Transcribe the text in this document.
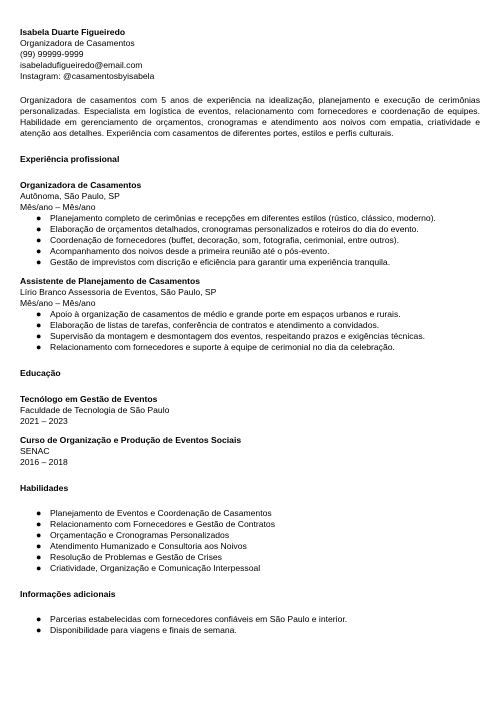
Isabela Duarte Figueiredo
Organizadora de Casamentos
(99) 99999-9999
isabeladufigueiredo@email.com
Instagram: @casamentosbyisabela
Organizadora de casamentos com 5 anos de experiência na idealização, planejamento e execução de cerimônias personalizadas. Especialista em logística de eventos, relacionamento com fornecedores e coordenação de equipes. Habilidade em gerenciamento de orçamentos, cronogramas e atendimento aos noivos com empatia, criatividade e atenção aos detalhes. Experiência com casamentos de diferentes portes, estilos e perfis culturais.
Experiência profissional
Organizadora de Casamentos
Autônoma, São Paulo, SP
Mês/ano – Mês/ano
● Planejamento completo de cerimônias e recepções em diferentes estilos (rústico, clássico, moderno).
● Elaboração de orçamentos detalhados, cronogramas personalizados e roteiros do dia do evento.
● Coordenação de fornecedores (buffet, decoração, som, fotografia, cerimonial, entre outros).
● Acompanhamento dos noivos desde a primeira reunião até o pós-evento.
● Gestão de imprevistos com discrição e eficiência para garantir uma experiência tranquila.
Assistente de Planejamento de Casamentos
Lírio Branco Assessoria de Eventos, São Paulo, SP
Mês/ano – Mês/ano
● Apoio à organização de casamentos de médio e grande porte em espaços urbanos e rurais.
● Elaboração de listas de tarefas, conferência de contratos e atendimento a convidados.
● Supervisão da montagem e desmontagem dos eventos, respeitando prazos e exigências técnicas.
● Relacionamento com fornecedores e suporte à equipe de cerimonial no dia da celebração.
Educação
Tecnólogo em Gestão de Eventos
Faculdade de Tecnologia de São Paulo
2021 – 2023
Curso de Organização e Produção de Eventos Sociais
SENAC
2016 – 2018
Habilidades
● Planejamento de Eventos e Coordenação de Casamentos
● Relacionamento com Fornecedores e Gestão de Contratos
● Orçamentação e Cronogramas Personalizados
● Atendimento Humanizado e Consultoria aos Noivos
● Resolução de Problemas e Gestão de Crises
● Criatividade, Organização e Comunicação Interpessoal
Informações adicionais
● Parcerias estabelecidas com fornecedores confiáveis em São Paulo e interior.
● Disponibilidade para viagens e finais de semana.
